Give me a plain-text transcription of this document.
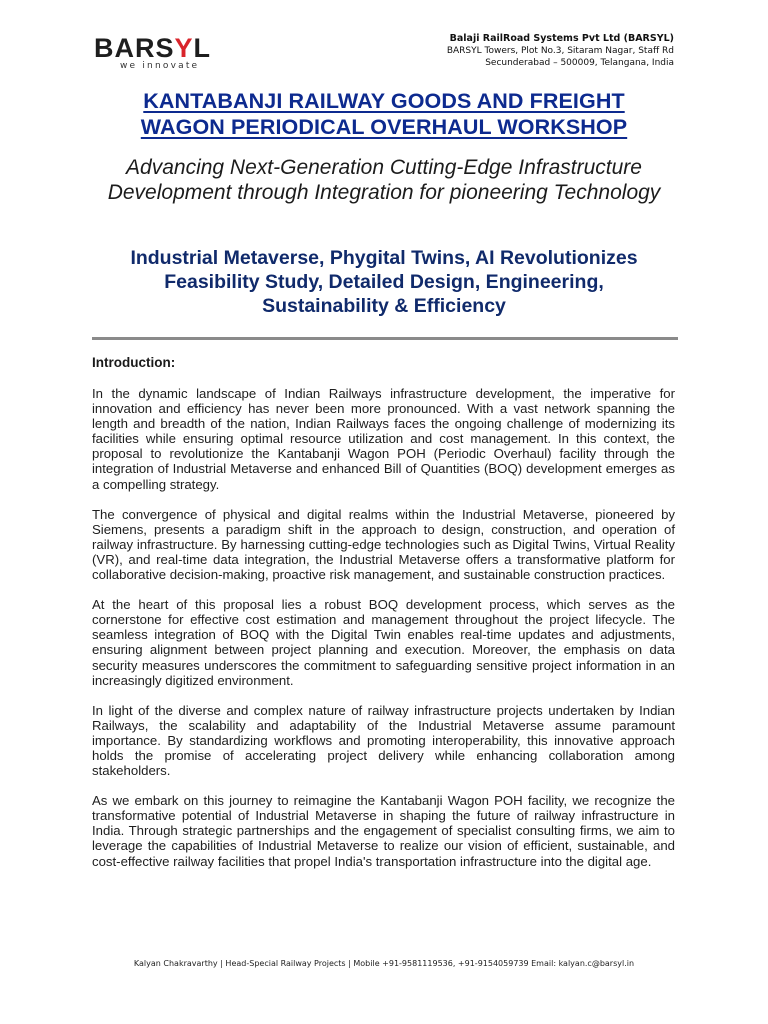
BARSYL
we innovate
Balaji RailRoad Systems Pvt Ltd (BARSYL)
BARSYL Towers, Plot No.3, Sitaram Nagar, Staff Rd
Secunderabad – 500009, Telangana, India
KANTABANJI RAILWAY GOODS AND FREIGHT
WAGON PERIODICAL OVERHAUL WORKSHOP
Advancing Next-Generation Cutting-Edge Infrastructure Development through Integration for pioneering Technology
Industrial Metaverse, Phygital Twins, AI Revolutionizes
Feasibility Study, Detailed Design, Engineering,
Sustainability & Efficiency
Introduction:

In the dynamic landscape of Indian Railways infrastructure development, the imperative for innovation and efficiency has never been more pronounced. With a vast network spanning the length and breadth of the nation, Indian Railways faces the ongoing challenge of modernizing its facilities while ensuring optimal resource utilization and cost management. In this context, the proposal to revolutionize the Kantabanji Wagon POH (Periodic Overhaul) facility through the integration of Industrial Metaverse and enhanced Bill of Quantities (BOQ) development emerges as a compelling strategy.

The convergence of physical and digital realms within the Industrial Metaverse, pioneered by Siemens, presents a paradigm shift in the approach to design, construction, and operation of railway infrastructure. By harnessing cutting-edge technologies such as Digital Twins, Virtual Reality (VR), and real-time data integration, the Industrial Metaverse offers a transformative platform for collaborative decision-making, proactive risk management, and sustainable construction practices.

At the heart of this proposal lies a robust BOQ development process, which serves as the cornerstone for effective cost estimation and management throughout the project lifecycle. The seamless integration of BOQ with the Digital Twin enables real-time updates and adjustments, ensuring alignment between project planning and execution. Moreover, the emphasis on data security measures underscores the commitment to safeguarding sensitive project information in an increasingly digitized environment.

In light of the diverse and complex nature of railway infrastructure projects undertaken by Indian Railways, the scalability and adaptability of the Industrial Metaverse assume paramount importance. By standardizing workflows and promoting interoperability, this innovative approach holds the promise of accelerating project delivery while enhancing collaboration among stakeholders.

As we embark on this journey to reimagine the Kantabanji Wagon POH facility, we recognize the transformative potential of Industrial Metaverse in shaping the future of railway infrastructure in India. Through strategic partnerships and the engagement of specialist consulting firms, we aim to leverage the capabilities of Industrial Metaverse to realize our vision of efficient, sustainable, and cost-effective railway facilities that propel India's transportation infrastructure into the digital age.

Kalyan Chakravarthy | Head-Special Railway Projects | Mobile +91-9581119536, +91-9154059739 Email: kalyan.c@barsyl.in
